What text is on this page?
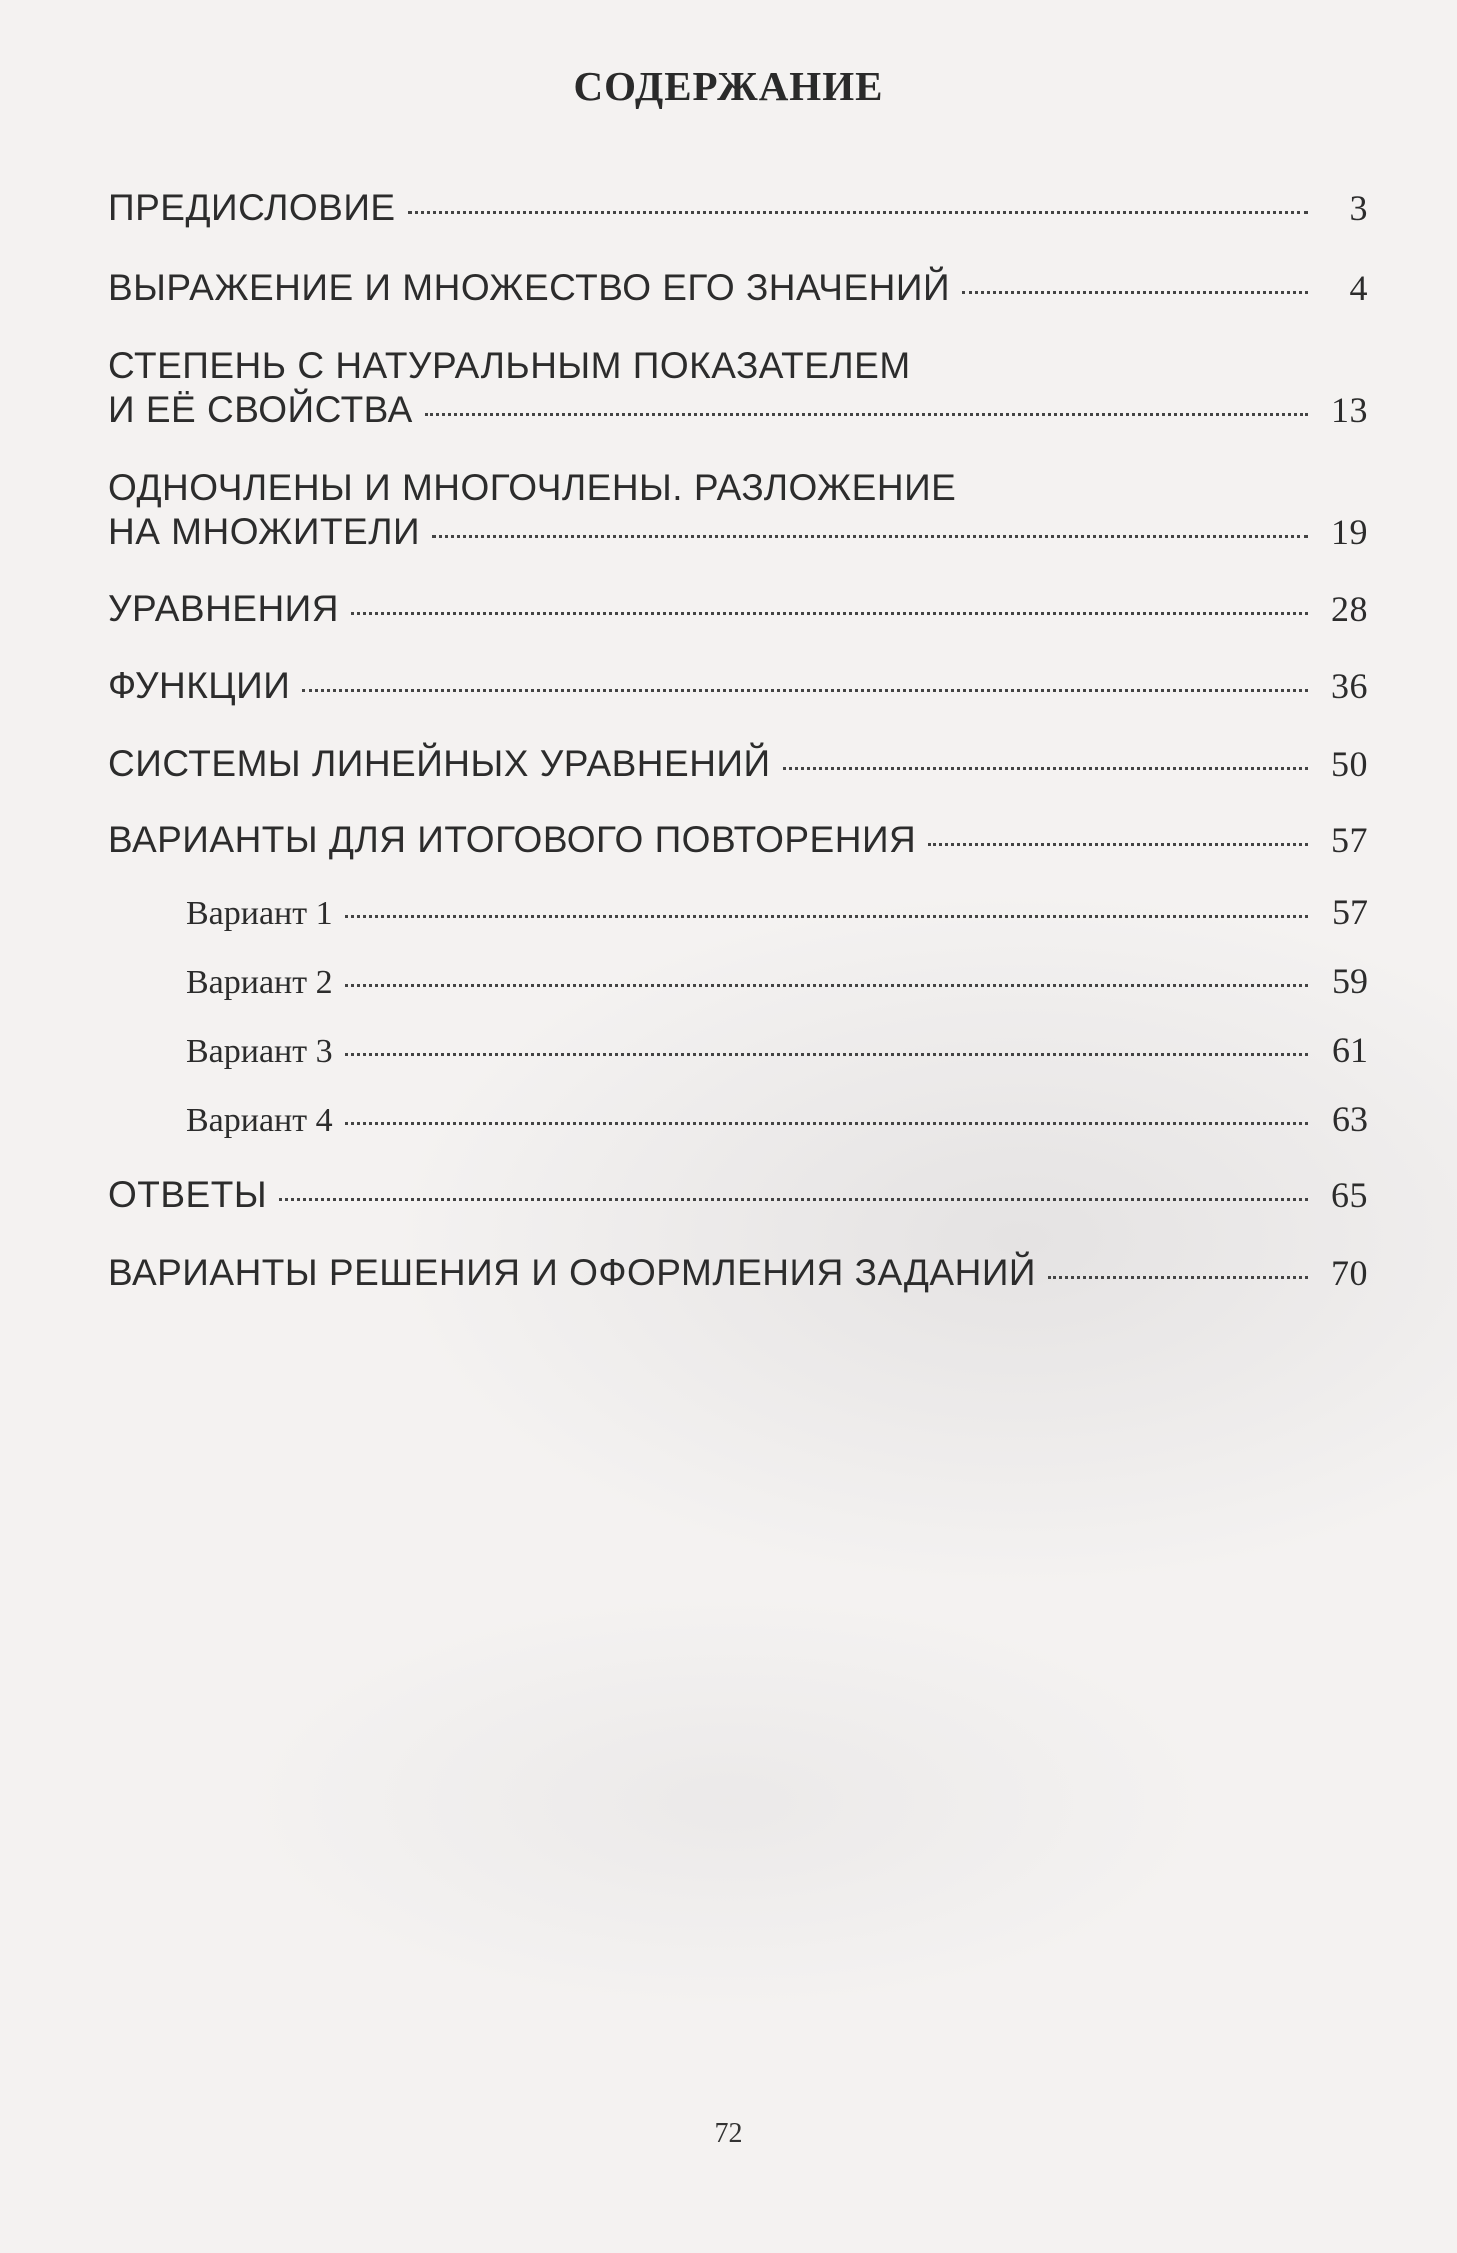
СОДЕРЖАНИЕ
ПРЕДИСЛОВИЕ	3
ВЫРАЖЕНИЕ И МНОЖЕСТВО ЕГО ЗНАЧЕНИЙ	4
СТЕПЕНЬ С НАТУРАЛЬНЫМ ПОКАЗАТЕЛЕМ
И ЕЁ СВОЙСТВА	13
ОДНОЧЛЕНЫ И МНОГОЧЛЕНЫ. РАЗЛОЖЕНИЕ
НА МНОЖИТЕЛИ	19
УРАВНЕНИЯ	28
ФУНКЦИИ	36
СИСТЕМЫ ЛИНЕЙНЫХ УРАВНЕНИЙ	50
ВАРИАНТЫ ДЛЯ ИТОГОВОГО ПОВТОРЕНИЯ	57
Вариант 1	57
Вариант 2	59
Вариант 3	61
Вариант 4	63
ОТВЕТЫ	65
ВАРИАНТЫ РЕШЕНИЯ И ОФОРМЛЕНИЯ ЗАДАНИЙ	70
72
